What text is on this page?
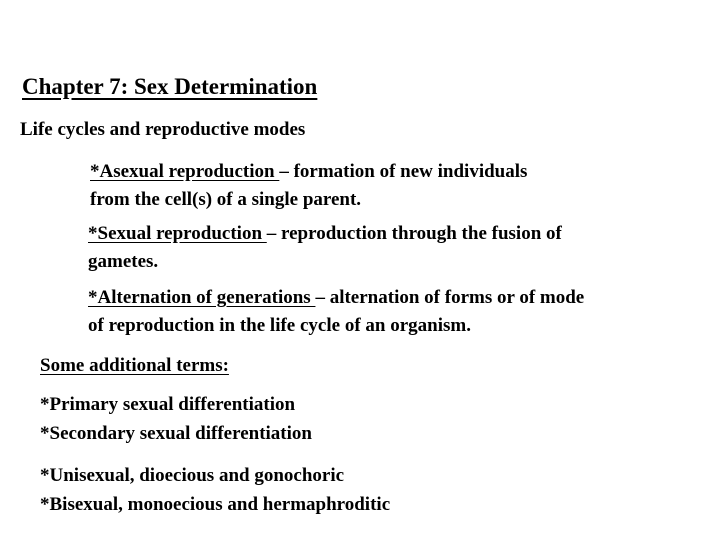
Chapter 7: Sex Determination
Life cycles and reproductive modes
*Asexual reproduction – formation of new individuals
from the cell(s) of a single parent.
*Sexual reproduction – reproduction through the fusion of
gametes.
*Alternation of generations – alternation of forms or of mode
of reproduction in the life cycle of an organism.
Some additional terms:
*Primary sexual differentiation
*Secondary sexual differentiation
*Unisexual, dioecious and gonochoric
*Bisexual, monoecious and hermaphroditic
